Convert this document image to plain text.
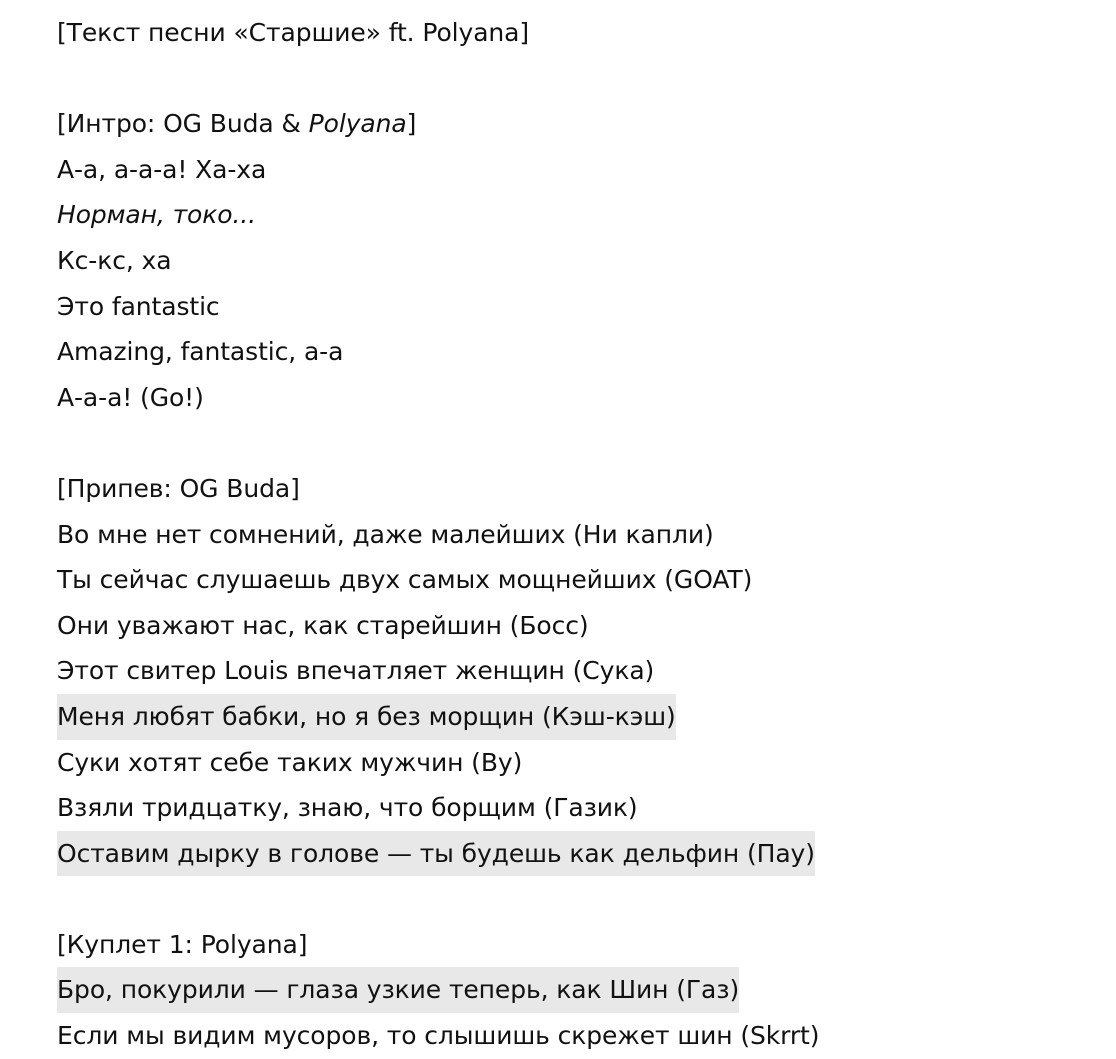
[Текст песни «Старшие» ft. Polyana]
[Интро: OG Buda & Polyana]
А-а, а-а-а! Ха-ха
Норман, токо...
Кс-кс, ха
Это fantastic
Amazing, fantastic, а-а
А-а-а! (Go!)
[Припев: OG Buda]
Во мне нет сомнений, даже малейших (Ни капли)
Ты сейчас слушаешь двух самых мощнейших (GOAT)
Они уважают нас, как старейшин (Босс)
Этот свитер Louis впечатляет женщин (Сука)
Меня любят бабки, но я без морщин (Кэш-кэш)
Суки хотят себе таких мужчин (Ву)
Взяли тридцатку, знаю, что борщим (Газик)
Оставим дырку в голове — ты будешь как дельфин (Пау)
[Куплет 1: Polyana]
Бро, покурили — глаза узкие теперь, как Шин (Газ)
Если мы видим мусоров, то слышишь скрежет шин (Skrrt)
